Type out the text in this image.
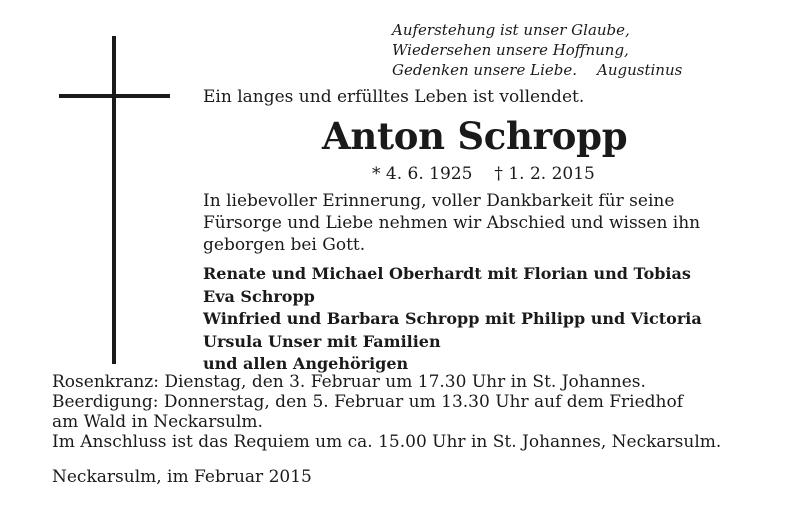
Auferstehung ist unser Glaube,
Wiedersehen unsere Hoffnung,
Gedenken unsere Liebe. Augustinus
Ein langes und erfülltes Leben ist vollendet.
Anton Schropp
* 4. 6. 1925 † 1. 2. 2015
In liebevoller Erinnerung, voller Dankbarkeit für seine
Fürsorge und Liebe nehmen wir Abschied und wissen ihn
geborgen bei Gott.
Renate und Michael Oberhardt mit Florian und Tobias
Eva Schropp
Winfried und Barbara Schropp mit Philipp und Victoria
Ursula Unser mit Familien
und allen Angehörigen
Rosenkranz: Dienstag, den 3. Februar um 17.30 Uhr in St. Johannes.
Beerdigung: Donnerstag, den 5. Februar um 13.30 Uhr auf dem Friedhof
am Wald in Neckarsulm.
Im Anschluss ist das Requiem um ca. 15.00 Uhr in St. Johannes, Neckarsulm.
Neckarsulm, im Februar 2015
